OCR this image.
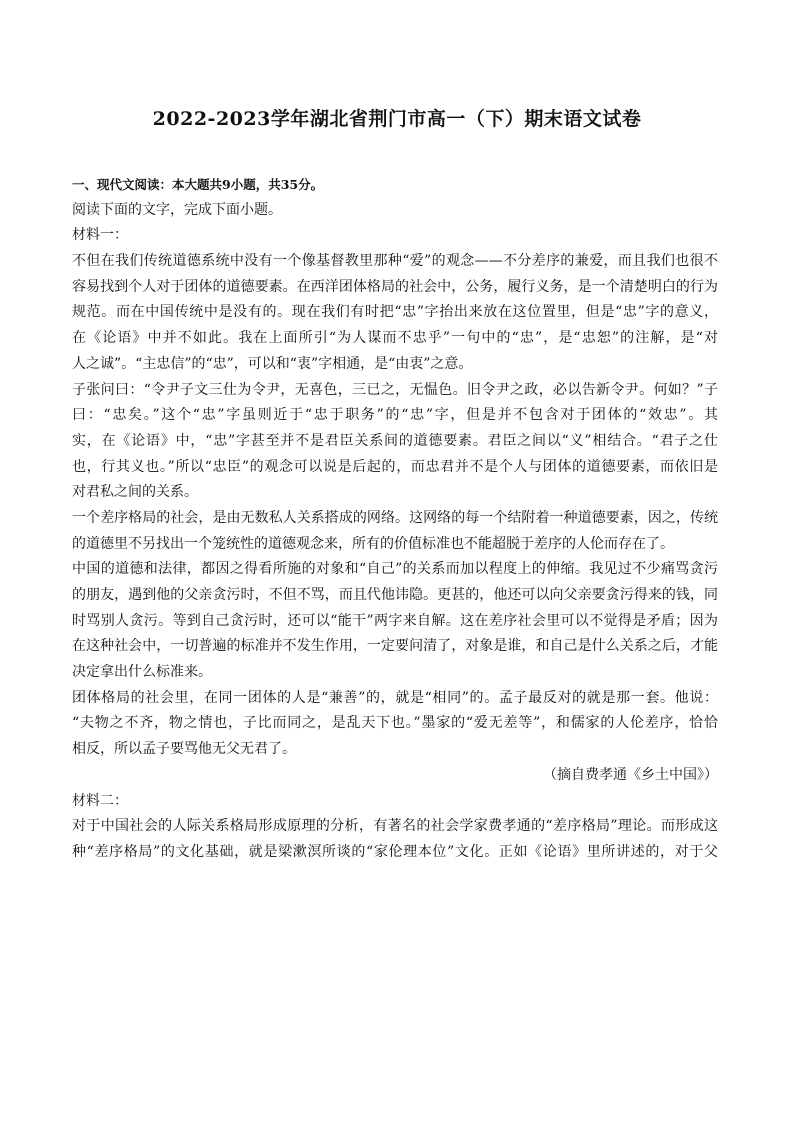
2022-2023学年湖北省荆门市高一（下）期末语文试卷
一、现代文阅读：本大题共9小题，共35分。
阅读下面的文字，完成下面小题。
材料一：
不但在我们传统道德系统中没有一个像基督教里那种“爱”的观念——不分差序的兼爱，而且我们也很不
容易找到个人对于团体的道德要素。在西洋团体格局的社会中，公务，履行义务，是一个清楚明白的行为
规范。而在中国传统中是没有的。现在我们有时把“忠”字抬出来放在这位置里，但是“忠”字的意义，
在《论语》中并不如此。我在上面所引“为人谋而不忠乎”一句中的“忠”，是“忠恕”的注解，是“对
人之诚”。“主忠信”的“忠”，可以和“衷”字相通，是“由衷”之意。
子张问曰：“令尹子文三仕为令尹，无喜色，三已之，无愠色。旧令尹之政，必以告新令尹。何如？”子
曰：“忠矣。”这个“忠”字虽则近于“忠于职务”的“忠”字，但是并不包含对于团体的“效忠”。其
实，在《论语》中，“忠”字甚至并不是君臣关系间的道德要素。君臣之间以“义”相结合。“君子之仕
也，行其义也。”所以“忠臣”的观念可以说是后起的，而忠君并不是个人与团体的道德要素，而依旧是
对君私之间的关系。
一个差序格局的社会，是由无数私人关系搭成的网络。这网络的每一个结附着一种道德要素，因之，传统
的道德里不另找出一个笼统性的道德观念来，所有的价值标准也不能超脱于差序的人伦而存在了。
中国的道德和法律，都因之得看所施的对象和“自己”的关系而加以程度上的伸缩。我见过不少痛骂贪污
的朋友，遇到他的父亲贪污时，不但不骂，而且代他讳隐。更甚的，他还可以向父亲要贪污得来的钱，同
时骂别人贪污。等到自己贪污时，还可以“能干”两字来自解。这在差序社会里可以不觉得是矛盾；因为
在这种社会中，一切普遍的标准并不发生作用，一定要问清了，对象是谁，和自己是什么关系之后，才能
决定拿出什么标准来。
团体格局的社会里，在同一团体的人是“兼善”的，就是“相同”的。孟子最反对的就是那一套。他说：
“夫物之不齐，物之情也，子比而同之，是乱天下也。”墨家的“爱无差等”，和儒家的人伦差序，恰恰
相反，所以孟子要骂他无父无君了。
（摘自费孝通《乡土中国》）
材料二：
对于中国社会的人际关系格局形成原理的分析，有著名的社会学家费孝通的“差序格局”理论。而形成这
种“差序格局”的文化基础，就是梁漱溟所谈的“家伦理本位”文化。正如《论语》里所讲述的，对于父
